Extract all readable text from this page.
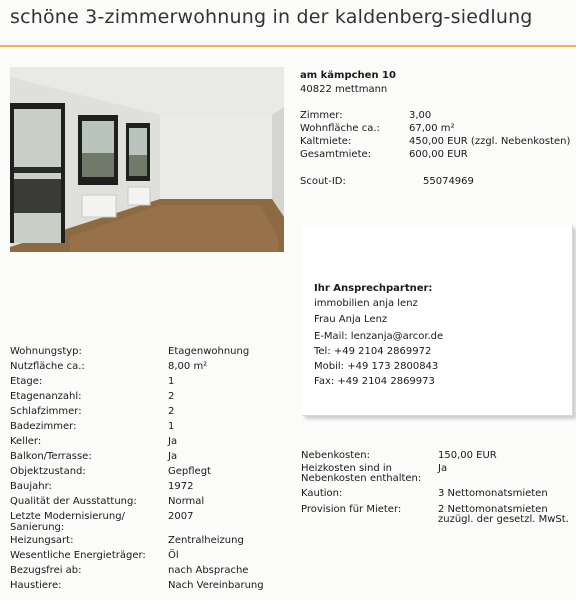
schöne 3-zimmerwohnung in der kaldenberg-siedlung
am kämpchen 10
40822 mettmann
Zimmer:	3,00
Wohnfläche ca.:	67,00 m²
Kaltmiete:	450,00 EUR (zzgl. Nebenkosten)
Gesamtmiete:	600,00 EUR
Scout-ID:	55074969
Ihr Ansprechpartner:
immobilien anja lenz
Frau Anja Lenz
E-Mail: lenzanja@arcor.de
Tel: +49 2104 2869972
Mobil: +49 173 2800843
Fax: +49 2104 2869973
Wohnungstyp:	Etagenwohnung
Nutzfläche ca.:	8,00 m²
Etage:	1
Etagenanzahl:	2
Schlafzimmer:	2
Badezimmer:	1
Keller:	Ja
Balkon/Terrasse:	Ja
Objektzustand:	Gepflegt
Baujahr:	1972
Qualität der Ausstattung:	Normal
Letzte Modernisierung/ Sanierung:
2007
Heizungsart:	Zentralheizung
Wesentliche Energieträger:	Öl
Bezugsfrei ab:	nach Absprache
Haustiere:	Nach Vereinbarung
Nebenkosten:	150,00 EUR
Heizkosten sind in Nebenkosten enthalten:
Ja
Kaution:	3 Nettomonatsmieten
Provision für Mieter:	2 Nettomonatsmieten zuzügl. der gesetzl. MwSt.
